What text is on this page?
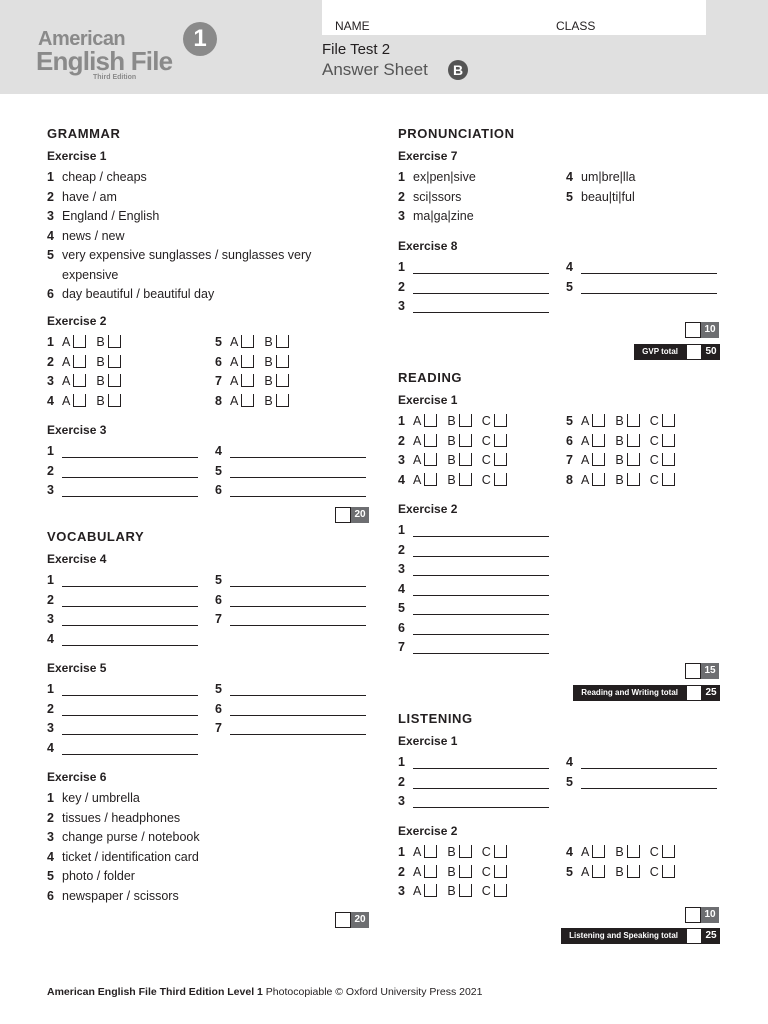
American
English File
1
Third Edition
NAME	CLASS
File Test 2
Answer Sheet	B
GRAMMAR
Exercise 1
Exercise 2
Exercise 3
20
VOCABULARY
Exercise 4
Exercise 5
Exercise 6
20
PRONUNCIATION
Exercise 7
Exercise 8
10
GVP total	50
READING
Exercise 1
Exercise 2
15
Reading and Writing total	25
LISTENING
Exercise 1
Exercise 2
10
Listening and Speaking total	25
American English File Third Edition Level 1 Photocopiable © Oxford University Press 2021
1 cheap / cheaps
2 have / am
3 England / English
4 news / new
5 very expensive sunglasses / sunglasses very
expensive
6 day beautiful / beautiful day
1 A B
2 A B
3 A B
4 A B
5 A B
6 A B
7 A B
8 A B
1
2
3
4
5
6
1
2
3
4
5
6
7
1
2
3
4
5
6
7
1 key / umbrella
2 tissues / headphones
3 change purse / notebook
4 ticket / identification card
5 photo / folder
6 newspaper / scissors
1 ex|pen|sive
2 sci|ssors
3 ma|ga|zine
4 um|bre|lla
5 beau|ti|ful
1
2
3
4
5
1 A B C
2 A B C
3 A B C
4 A B C
5 A B C
6 A B C
7 A B C
8 A B C
1
2
3
4
5
6
7
1
2
3
4
5
1 A B C
2 A B C
3 A B C
4 A B C
5 A B C
